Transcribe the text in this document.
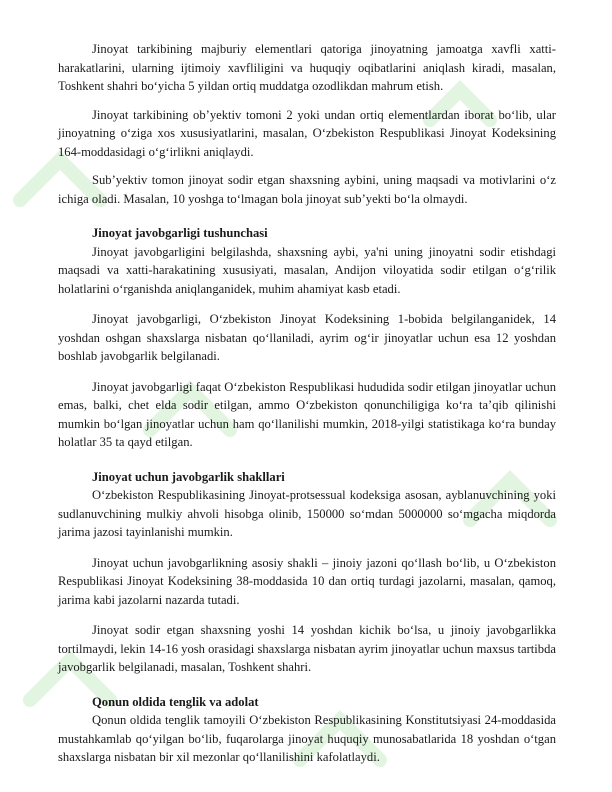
Jinoyat tarkibining majburiy elementlari qatoriga jinoyatning jamoatga xavfli xatti-harakatlarini, ularning ijtimoiy xavfliligini va huquqiy oqibatlarini aniqlash kiradi, masalan, Toshkent shahri bo‘yicha 5 yildan ortiq muddatga ozodlikdan mahrum etish.

Jinoyat tarkibining ob’yektiv tomoni 2 yoki undan ortiq elementlardan iborat bo‘lib, ular jinoyatning o‘ziga xos xususiyatlarini, masalan, O‘zbekiston Respublikasi Jinoyat Kodeksining 164-moddasidagi o‘g‘irlikni aniqlaydi.

Sub’yektiv tomon jinoyat sodir etgan shaxsning aybini, uning maqsadi va motivlarini o‘z ichiga oladi. Masalan, 10 yoshga to‘lmagan bola jinoyat sub’yekti bo‘la olmaydi.

Jinoyat javobgarligi tushunchasi

Jinoyat javobgarligini belgilashda, shaxsning aybi, ya'ni uning jinoyatni sodir etishdagi maqsadi va xatti-harakatining xususiyati, masalan, Andijon viloyatida sodir etilgan o‘g‘rilik holatlarini o‘rganishda aniqlanganidek, muhim ahamiyat kasb etadi.

Jinoyat javobgarligi, O‘zbekiston Jinoyat Kodeksining 1-bobida belgilanganidek, 14 yoshdan oshgan shaxslarga nisbatan qo‘llaniladi, ayrim og‘ir jinoyatlar uchun esa 12 yoshdan boshlab javobgarlik belgilanadi.

Jinoyat javobgarligi faqat O‘zbekiston Respublikasi hududida sodir etilgan jinoyatlar uchun emas, balki, chet elda sodir etilgan, ammo O‘zbekiston qonunchiligiga ko‘ra ta’qib qilinishi mumkin bo‘lgan jinoyatlar uchun ham qo‘llanilishi mumkin, 2018-yilgi statistikaga ko‘ra bunday holatlar 35 ta qayd etilgan.

Jinoyat uchun javobgarlik shakllari

O‘zbekiston Respublikasining Jinoyat-protsessual kodeksiga asosan, ayblanuvchining yoki sudlanuvchining mulkiy ahvoli hisobga olinib, 150000 so‘mdan 5000000 so‘mgacha miqdorda jarima jazosi tayinlanishi mumkin.

Jinoyat uchun javobgarlikning asosiy shakli – jinoiy jazoni qo‘llash bo‘lib, u O‘zbekiston Respublikasi Jinoyat Kodeksining 38-moddasida 10 dan ortiq turdagi jazolarni, masalan, qamoq, jarima kabi jazolarni nazarda tutadi.

Jinoyat sodir etgan shaxsning yoshi 14 yoshdan kichik bo‘lsa, u jinoiy javobgarlikka tortilmaydi, lekin 14-16 yosh orasidagi shaxslarga nisbatan ayrim jinoyatlar uchun maxsus tartibda javobgarlik belgilanadi, masalan, Toshkent shahri.

Qonun oldida tenglik va adolat

Qonun oldida tenglik tamoyili O‘zbekiston Respublikasining Konstitutsiyasi 24-moddasida mustahkamlab qo‘yilgan bo‘lib, fuqarolarga jinoyat huquqiy munosabatlarida 18 yoshdan o‘tgan shaxslarga nisbatan bir xil mezonlar qo‘llanilishini kafolatlaydi.
